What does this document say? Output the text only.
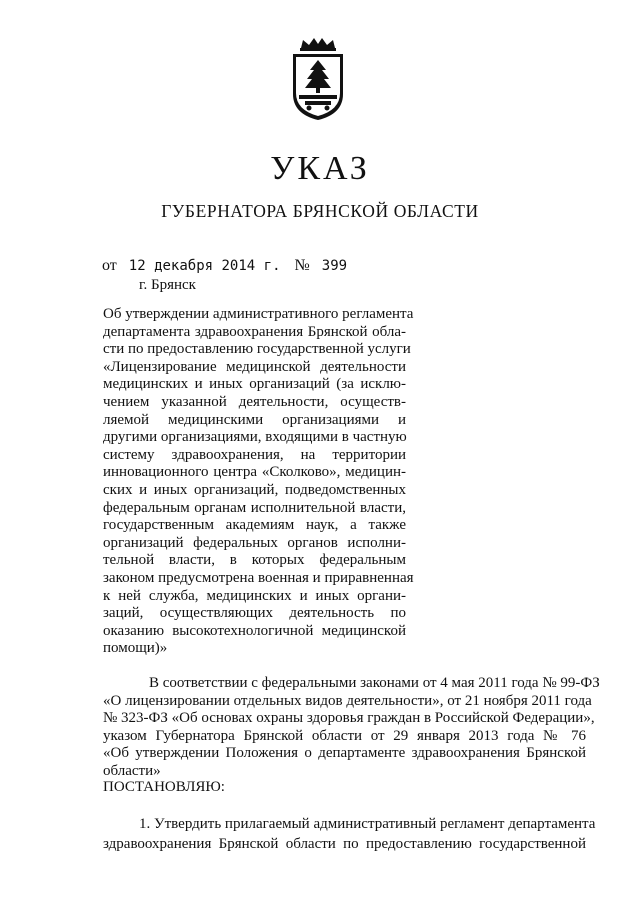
УКАЗ
ГУБЕРНАТОРА БРЯНСКОЙ ОБЛАСТИ
от 12 декабря 2014 г. № 399
г. Брянск
Об утверждении административного регламента
департамента здравоохранения Брянской обла-
сти по предоставлению государственной услуги
«Лицензирование медицинской деятельности
медицинских и иных организаций (за исклю-
чением указанной деятельности, осуществ-
ляемой медицинскими организациями и
другими организациями, входящими в частную
систему здравоохранения, на территории
инновационного центра «Сколково», медицин-
ских и иных организаций, подведомственных
федеральным органам исполнительной власти,
государственным академиям наук, а также
организаций федеральных органов исполни-
тельной власти, в которых федеральным
законом предусмотрена военная и приравненная
к ней служба, медицинских и иных органи-
заций, осуществляющих деятельность по
оказанию высокотехнологичной медицинской
помощи)»
В соответствии с федеральными законами от 4 мая 2011 года № 99-ФЗ
«О лицензировании отдельных видов деятельности», от 21 ноября 2011 года
№ 323-ФЗ «Об основах охраны здоровья граждан в Российской Федерации»,
указом Губернатора Брянской области от 29 января 2013 года № 76
«Об утверждении Положения о департаменте здравоохранения Брянской
области»
ПОСТАНОВЛЯЮ:
1. Утвердить прилагаемый административный регламент департамента
здравоохранения Брянской области по предоставлению государственной
